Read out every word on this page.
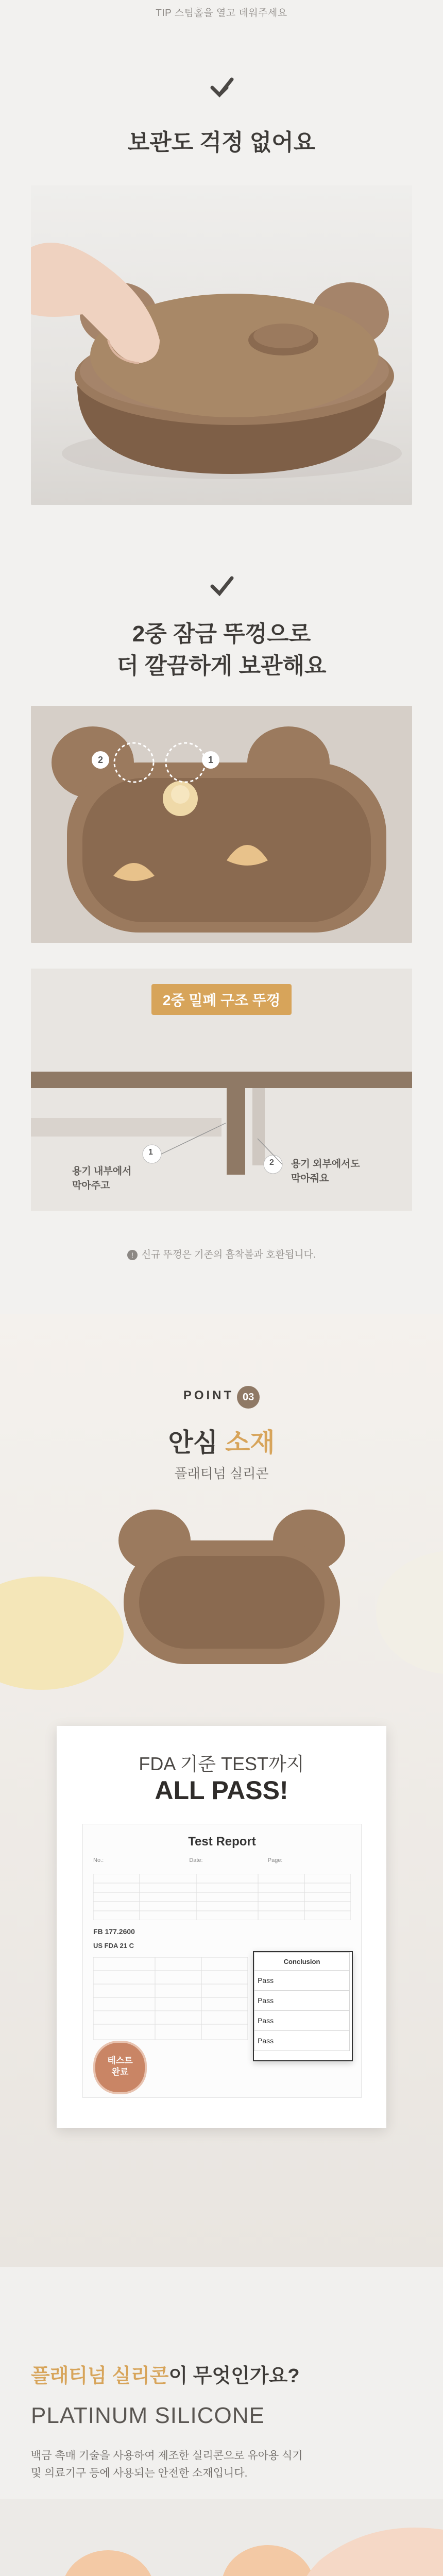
TIP 스팀홀을 열고 데워주세요
보관도 걱정 없어요
2중 잠금 뚜껑으로
더 깔끔하게 보관해요
2	1
2중 밀폐 구조 뚜껑
1
2
용기 내부에서
막아주고
용기 외부에서도
막아줘요
! 신규 뚜껑은 기존의 흡착볼과 호환됩니다.
POINT 03
안심 소재
플래티넘 실리콘
FDA 기준 TEST까지
ALL PASS!
Test Report
No.:	Date:	Page:
FB 177.2600
US FDA 21 C
Conclusion
Pass
Pass
Pass
Pass
테스트
완료
플래티넘 실리콘이 무엇인가요?
PLATINUM SILICONE
백금 촉매 기술을 사용하여 제조한 실리콘으로 유아용 식기
및 의료기구 등에 사용되는 안전한 소재입니다.
